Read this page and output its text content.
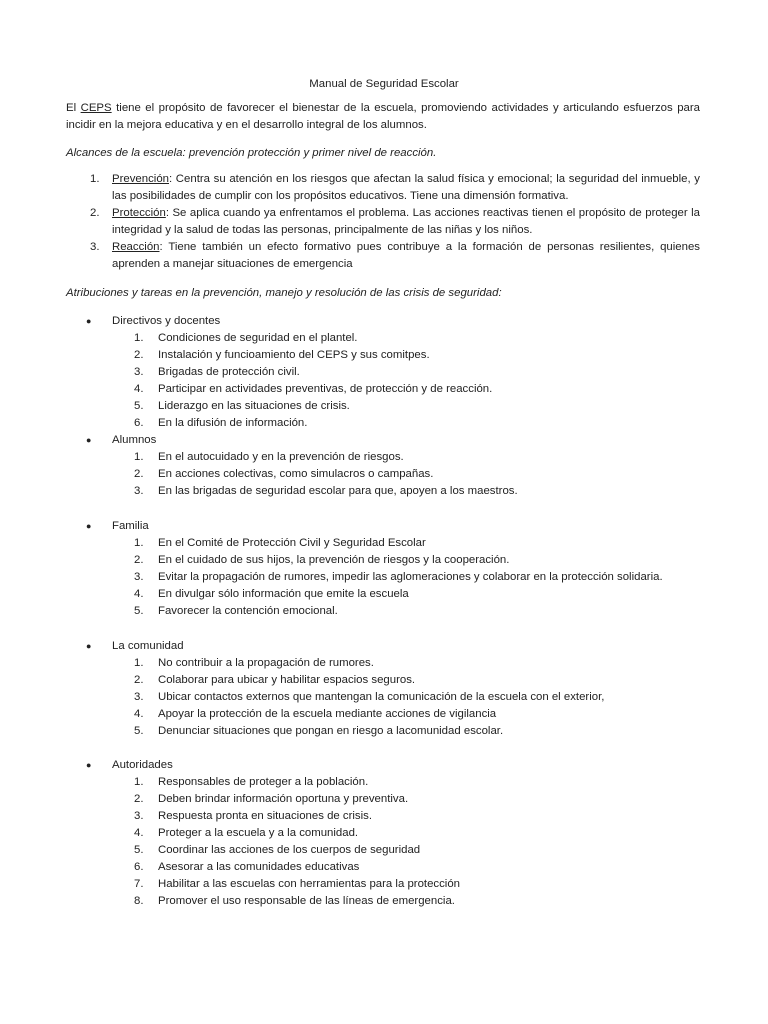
Manual de Seguridad Escolar

El CEPS tiene el propósito de favorecer el bienestar de la escuela, promoviendo actividades y articulando esfuerzos para incidir en la mejora educativa y en el desarrollo integral de los alumnos.

Alcances de la escuela: prevención protección y primer nivel de reacción.

1. Prevención: Centra su atención en los riesgos que afectan la salud física y emocional; la seguridad del inmueble, y las posibilidades de cumplir con los propósitos educativos. Tiene una dimensión formativa.
2. Protección: Se aplica cuando ya enfrentamos el problema. Las acciones reactivas tienen el propósito de proteger la integridad y la salud de todas las personas, principalmente de las niñas y los niños.
3. Reacción: Tiene también un efecto formativo pues contribuye a la formación de personas resilientes, quienes aprenden a manejar situaciones de emergencia

Atribuciones y tareas en la prevención, manejo y resolución de las crisis de seguridad:

● Directivos y docentes
1. Condiciones de seguridad en el plantel.
2. Instalación y funcioamiento del CEPS y sus comitpes.
3. Brigadas de protección civil.
4. Participar en actividades preventivas, de protección y de reacción.
5. Liderazgo en las situaciones de crisis.
6. En la difusión de información.
● Alumnos
1. En el autocuidado y en la prevención de riesgos.
2. En acciones colectivas, como simulacros o campañas.
3. En las brigadas de seguridad escolar para que, apoyen a los maestros.
● Familia
1. En el Comité de Protección Civil y Seguridad Escolar
2. En el cuidado de sus hijos, la prevención de riesgos y la cooperación.
3. Evitar la propagación de rumores, impedir las aglomeraciones y colaborar en la protección solidaria.
4. En divulgar sólo información que emite la escuela
5. Favorecer la contención emocional.
● La comunidad
1. No contribuir a la propagación de rumores.
2. Colaborar para ubicar y habilitar espacios seguros.
3. Ubicar contactos externos que mantengan la comunicación de la escuela con el exterior,
4. Apoyar la protección de la escuela mediante acciones de vigilancia
5. Denunciar situaciones que pongan en riesgo a lacomunidad escolar.
● Autoridades
1. Responsables de proteger a la población.
2. Deben brindar información oportuna y preventiva.
3. Respuesta pronta en situaciones de crisis.
4. Proteger a la escuela y a la comunidad.
5. Coordinar las acciones de los cuerpos de seguridad
6. Asesorar a las comunidades educativas
7. Habilitar a las escuelas con herramientas para la protección
8. Promover el uso responsable de las líneas de emergencia.
